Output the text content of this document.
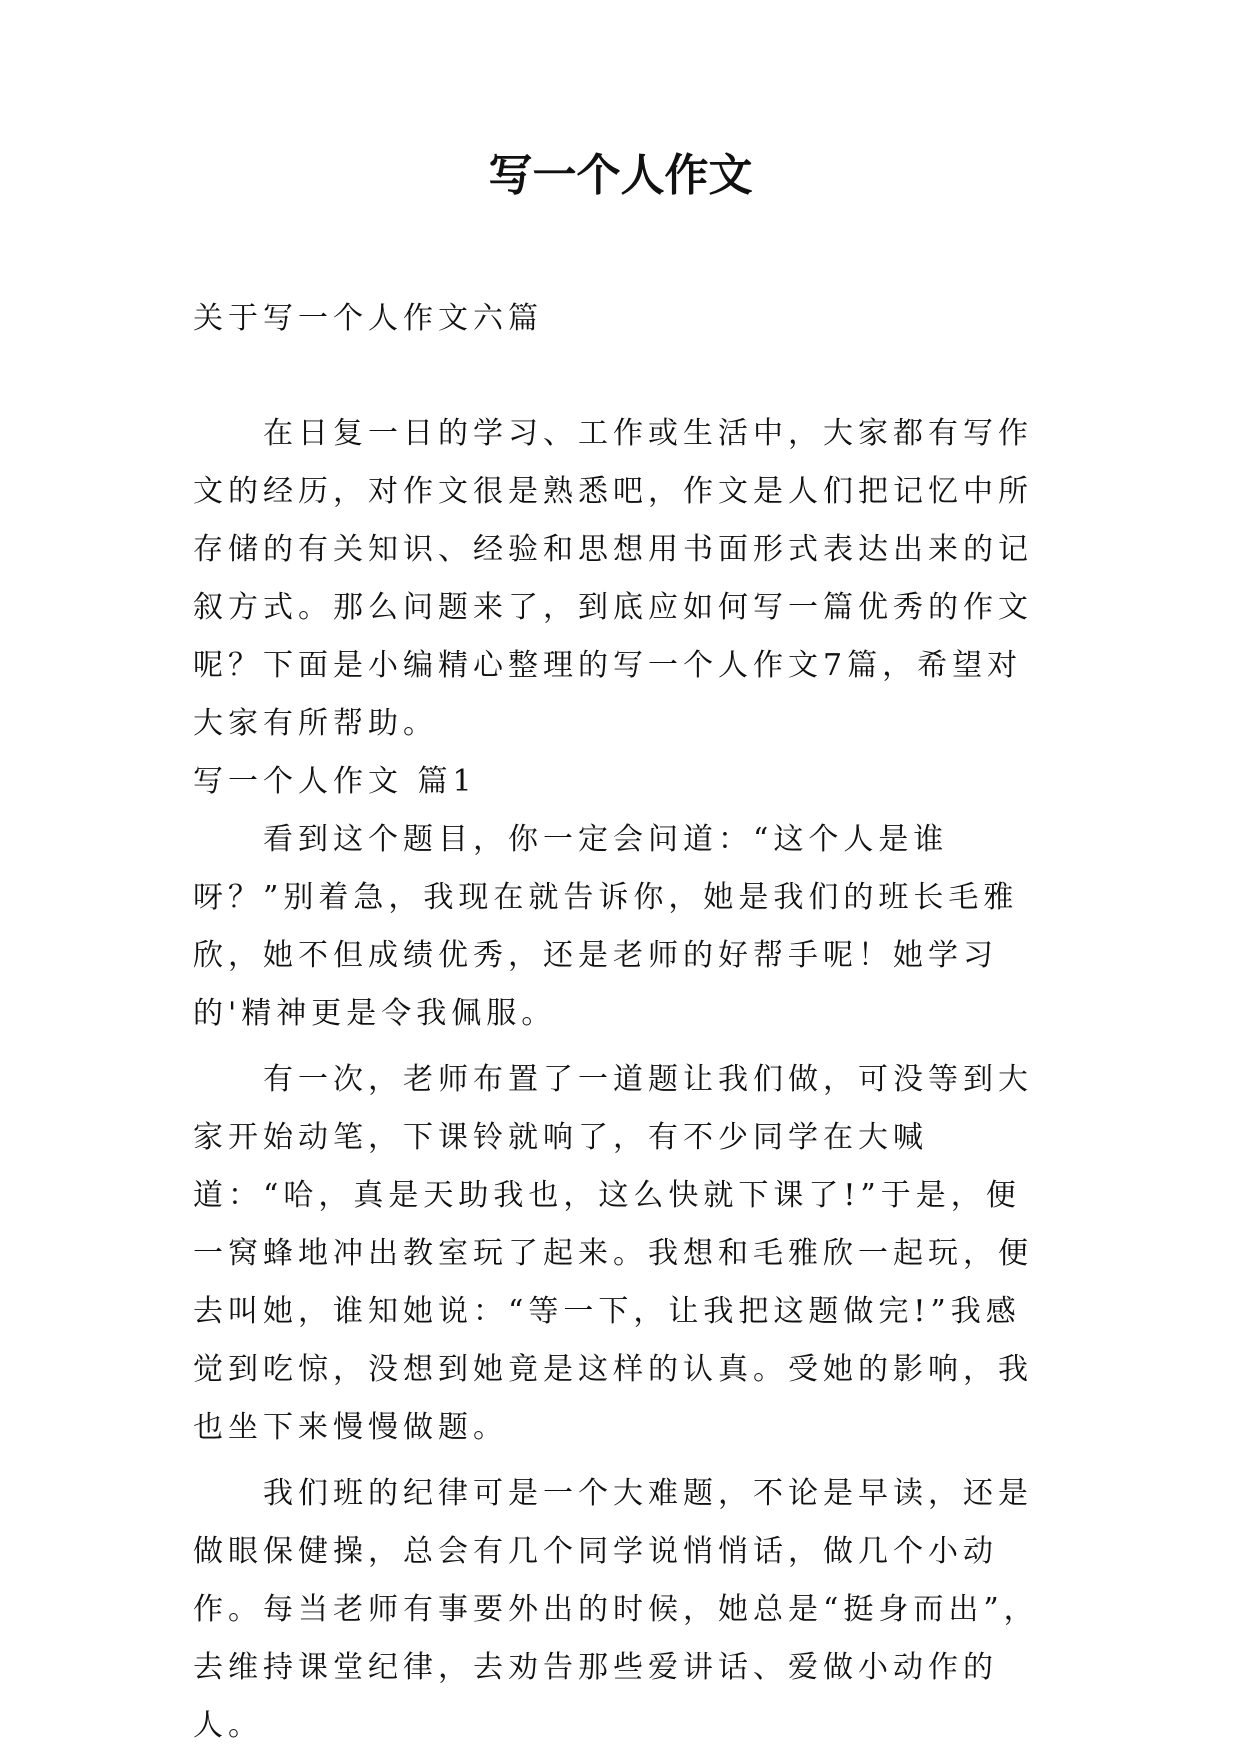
写一个人作文
关于写一个人作文六篇

在日复一日的学习、工作或生活中，大家都有写作文的经历，对作文很是熟悉吧，作文是人们把记忆中所存储的有关知识、经验和思想用书面形式表达出来的记叙方式。那么问题来了，到底应如何写一篇优秀的作文呢？下面是小编精心整理的写一个人作文7篇，希望对大家有所帮助。

写一个人作文 篇1

看到这个题目，你一定会问道：“这个人是谁呀？”别着急，我现在就告诉你，她是我们的班长毛雅欣，她不但成绩优秀，还是老师的好帮手呢！她学习的'精神更是令我佩服。

有一次，老师布置了一道题让我们做，可没等到大家开始动笔，下课铃就响了，有不少同学在大喊道：“哈，真是天助我也，这么快就下课了!”于是，便一窝蜂地冲出教室玩了起来。我想和毛雅欣一起玩，便去叫她，谁知她说：“等一下，让我把这题做完!”我感觉到吃惊，没想到她竟是这样的认真。受她的影响，我也坐下来慢慢做题。

我们班的纪律可是一个大难题，不论是早读，还是做眼保健操，总会有几个同学说悄悄话，做几个小动作。每当老师有事要外出的时候，她总是“挺身而出”，去维持课堂纪律，去劝告那些爱讲话、爱做小动作的人。
